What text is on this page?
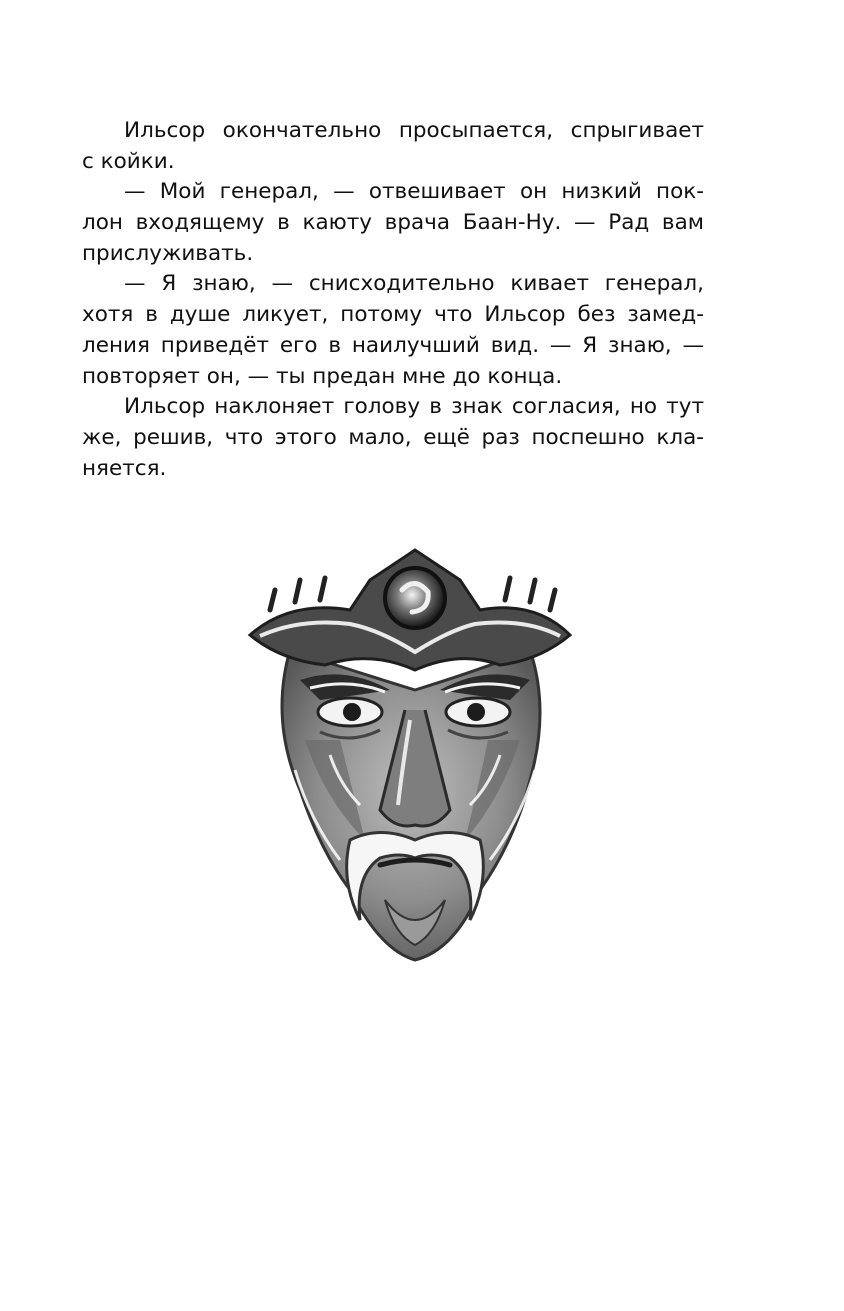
Ильсор окончательно просыпается, спрыгивает
с койки.
— Мой генерал, — отвешивает он низкий пок-
лон входящему в каюту врача Баан-Ну. — Рад вам
прислуживать.
— Я знаю, — снисходительно кивает генерал,
хотя в душе ликует, потому что Ильсор без замед-
ления приведёт его в наилучший вид. — Я знаю, —
повторяет он, — ты предан мне до конца.
Ильсор наклоняет голову в знак согласия, но тут
же, решив, что этого мало, ещё раз поспешно кла-
няется.
